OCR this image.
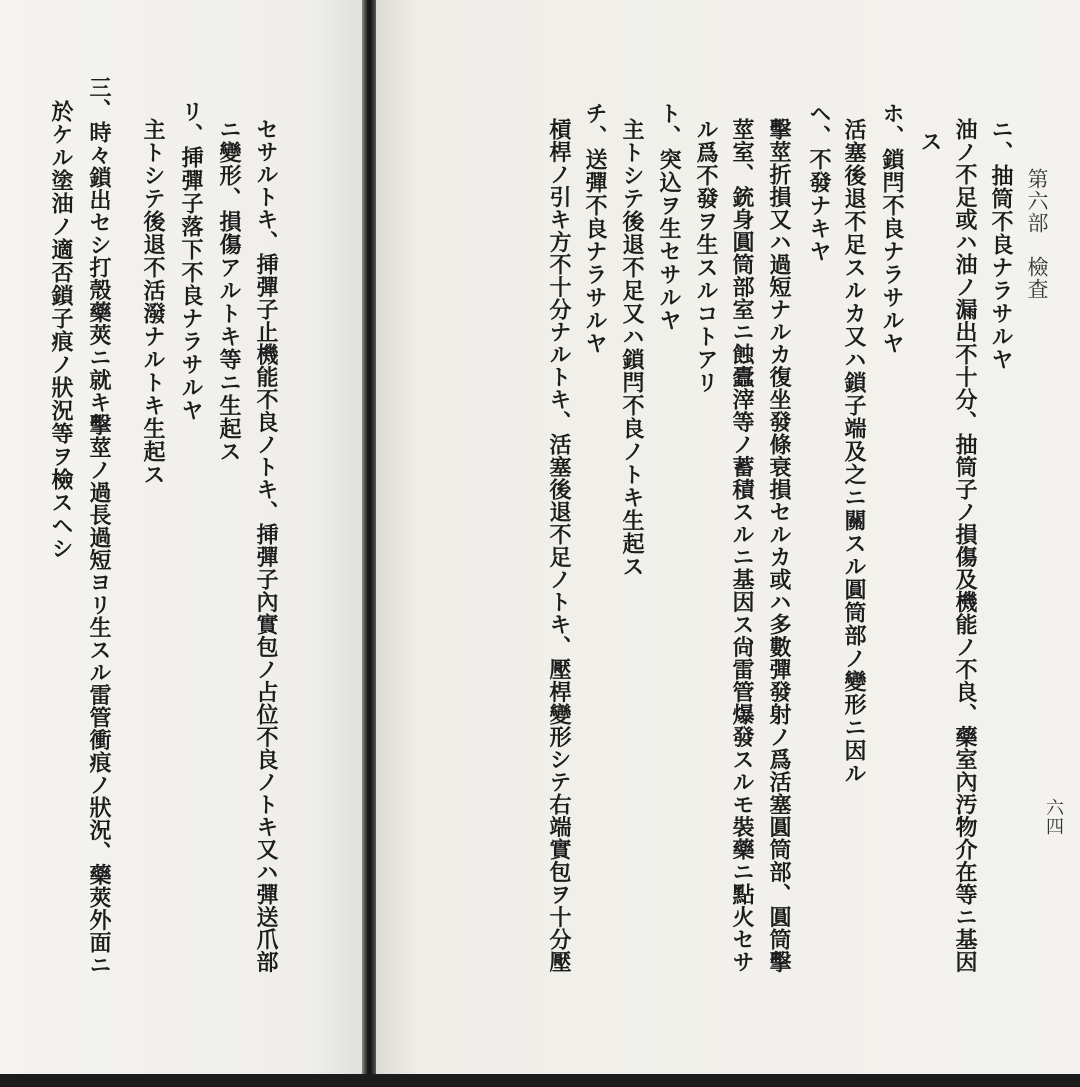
第六部　檢査
六四
ニ、抽筒不良ナラサルヤ
油ノ不足或ハ油ノ漏出不十分、抽筒子ノ損傷及機能ノ不良、藥室內汚物介在等ニ基因
ス
ホ、鎖閂不良ナラサルヤ
活塞後退不足スルカ又ハ鎖子端及之ニ關スル圓筒部ノ變形ニ因ル
ヘ、不發ナキヤ
擊莖折損又ハ過短ナルカ復坐發條衰損セルカ或ハ多數彈發射ノ爲活塞圓筒部、圓筒擊
莖室、銃身圓筒部室ニ蝕蠹滓等ノ蓄積スルニ基因ス尙雷管爆發スルモ裝藥ニ點火セサ
ル爲不發ヲ生スルコトアリ
ト、突込ヲ生セサルヤ
主トシテ後退不足又ハ鎖閂不良ノトキ生起ス
チ、送彈不良ナラサルヤ
槓桿ノ引キ方不十分ナルトキ、活塞後退不足ノトキ、壓桿變形シテ右端實包ヲ十分壓
セサルトキ、挿彈子止機能不良ノトキ、挿彈子內實包ノ占位不良ノトキ又ハ彈送爪部
ニ變形、損傷アルトキ等ニ生起ス
リ、挿彈子落下不良ナラサルヤ
主トシテ後退不活潑ナルトキ生起ス
三、時々鎖出セシ打殼藥莢ニ就キ擊莖ノ過長過短ヨリ生スル雷管衝痕ノ狀況、藥莢外面ニ
於ケル塗油ノ適否鎖子痕ノ狀況等ヲ檢スヘシ
